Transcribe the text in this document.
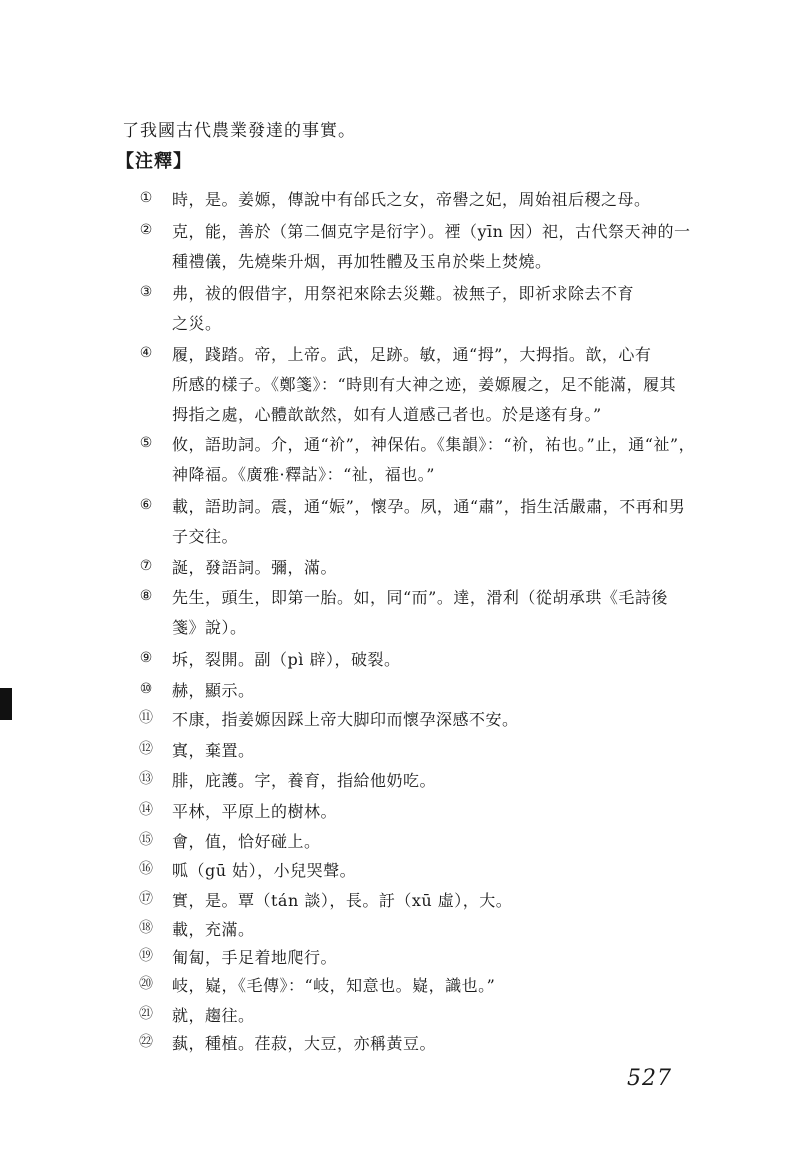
了我國古代農業發達的事實。
【注釋】
①	時，是。姜嫄，傳說中有邰氏之女，帝嚳之妃，周始祖后稷之母。
②	克，能，善於（第二個克字是衍字）。禋（yīn 因）祀，古代祭天神的一
種禮儀，先燒柴升烟，再加牲體及玉帛於柴上焚燒。
③	弗，祓的假借字，用祭祀來除去災難。祓無子，即祈求除去不育
之災。
④	履，踐踏。帝，上帝。武，足跡。敏，通“拇”，大拇指。歆，心有
所感的樣子。《鄭箋》：“時則有大神之迹，姜嫄履之，足不能滿，履其
拇指之處，心體歆歆然，如有人道感己者也。於是遂有身。”
⑤	攸，語助詞。介，通“祄”，神保佑。《集韻》：“祄，祐也。”止，通“祉”，
神降福。《廣雅·釋詁》：“祉，福也。”
⑥	載，語助詞。震，通“娠”，懷孕。夙，通“肅”，指生活嚴肅，不再和男
子交往。
⑦	誕，發語詞。彌，滿。
⑧	先生，頭生，即第一胎。如，同“而”。達，滑利（從胡承珙《毛詩後
箋》說）。
⑨	坼，裂開。副（pì 辟），破裂。
⑩	赫，顯示。
⑪	不康，指姜嫄因踩上帝大脚印而懷孕深感不安。
⑫	寘，棄置。
⑬	腓，庇護。字，養育，指給他奶吃。
⑭	平林，平原上的樹林。
⑮	會，值，恰好碰上。
⑯	呱（gū 姑），小兒哭聲。
⑰	實，是。覃（tán 談），長。訏（xū 虛），大。
⑱	載，充滿。
⑲	匍匐，手足着地爬行。
⑳	岐，嶷，《毛傳》：“岐，知意也。嶷，識也。”
㉑	就，趨往。
㉒	蓺，種植。荏菽，大豆，亦稱黃豆。
527
